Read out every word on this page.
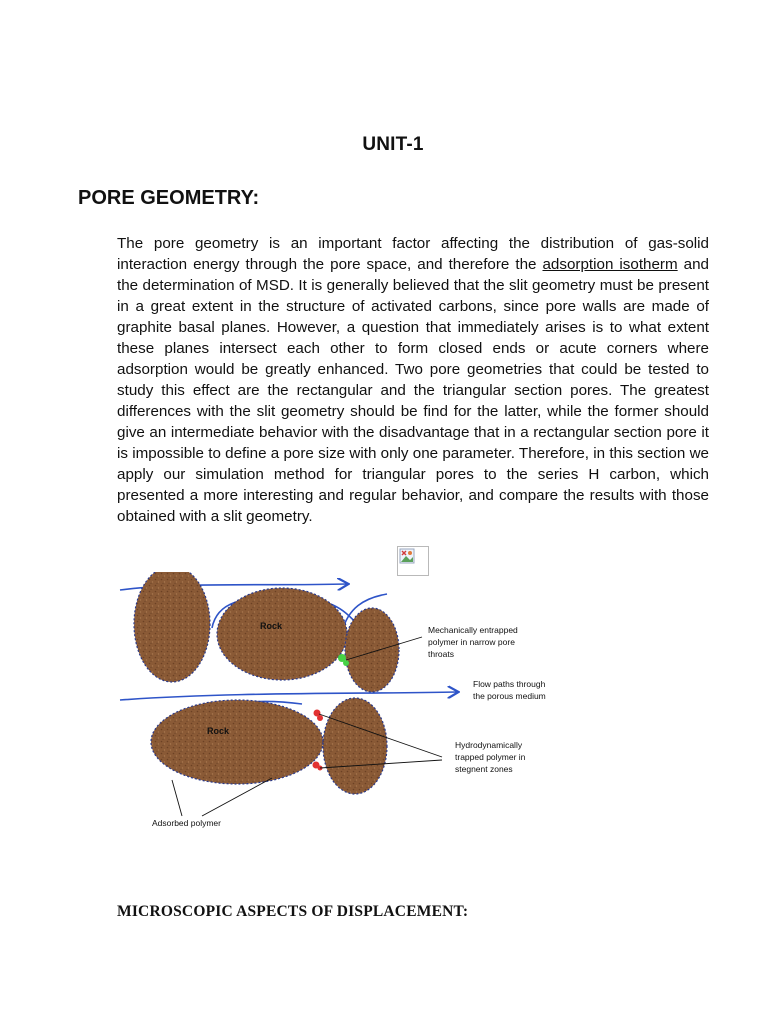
UNIT-1
PORE GEOMETRY:

The pore geometry is an important factor affecting the distribution of gas-solid interaction energy through the pore space, and therefore the adsorption isotherm and the determination of MSD. It is generally believed that the slit geometry must be present in a great extent in the structure of activated carbons, since pore walls are made of graphite basal planes. However, a question that immediately arises is to what extent these planes intersect each other to form closed ends or acute corners where adsorption would be greatly enhanced. Two pore geometries that could be tested to study this effect are the rectangular and the triangular section pores. The greatest differences with the slit geometry should be find for the latter, while the former should give an intermediate behavior with the disadvantage that in a rectangular section pore it is impossible to define a pore size with only one parameter. Therefore, in this section we apply our simulation method for triangular pores to the series H carbon, which presented a more interesting and regular behavior, and compare the results with those obtained with a slit geometry.

Rock
Rock
Mechanically entrapped polymer in narrow pore throats
Flow paths through the porous medium
Hydrodynamically trapped polymer in stegnent zones
Adsorbed polymer
MICROSCOPIC ASPECTS OF DISPLACEMENT:
